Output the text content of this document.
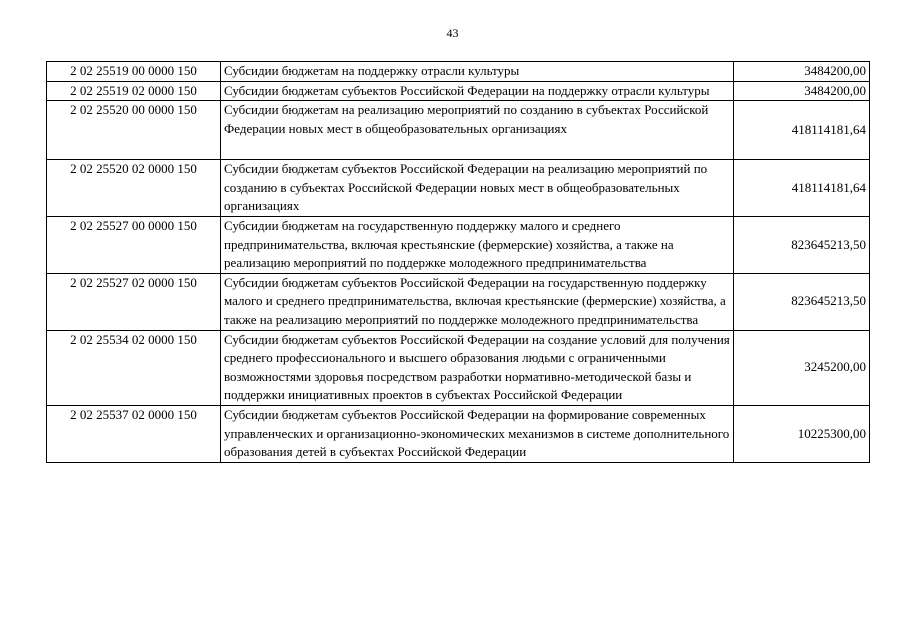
43
2 02 25519 00 0000 150	Субсидии бюджетам на поддержку отрасли культуры	3484200,00
2 02 25519 02 0000 150	Субсидии бюджетам субъектов Российской Федерации на поддержку отрасли культуры	3484200,00
2 02 25520 00 0000 150	Субсидии бюджетам на реализацию мероприятий по созданию в субъектах Российской Федерации новых мест в общеобразовательных организациях	418114181,64
2 02 25520 02 0000 150	Субсидии бюджетам субъектов Российской Федерации на реализацию мероприятий по созданию в субъектах Российской Федерации новых мест в общеобразовательных организациях	418114181,64
2 02 25527 00 0000 150	Субсидии бюджетам на государственную поддержку малого и среднего предпринимательства, включая крестьянские (фермерские) хозяйства, а также на реализацию мероприятий по поддержке молодежного предпринимательства	823645213,50
2 02 25527 02 0000 150	Субсидии бюджетам субъектов Российской Федерации на государственную поддержку малого и среднего предпринимательства, включая крестьянские (фермерские) хозяйства, а также на реализацию мероприятий по поддержке молодежного предпринимательства	823645213,50
2 02 25534 02 0000 150	Субсидии бюджетам субъектов Российской Федерации на создание условий для получения среднего профессионального и высшего образования людьми с ограниченными возможностями здоровья посредством разработки нормативно-методической базы и поддержки инициативных проектов в субъектах Российской Федерации	3245200,00
2 02 25537 02 0000 150	Субсидии бюджетам субъектов Российской Федерации на формирование современных управленческих и организационно-экономических механизмов в системе дополнительного образования детей в субъектах Российской Федерации	10225300,00
